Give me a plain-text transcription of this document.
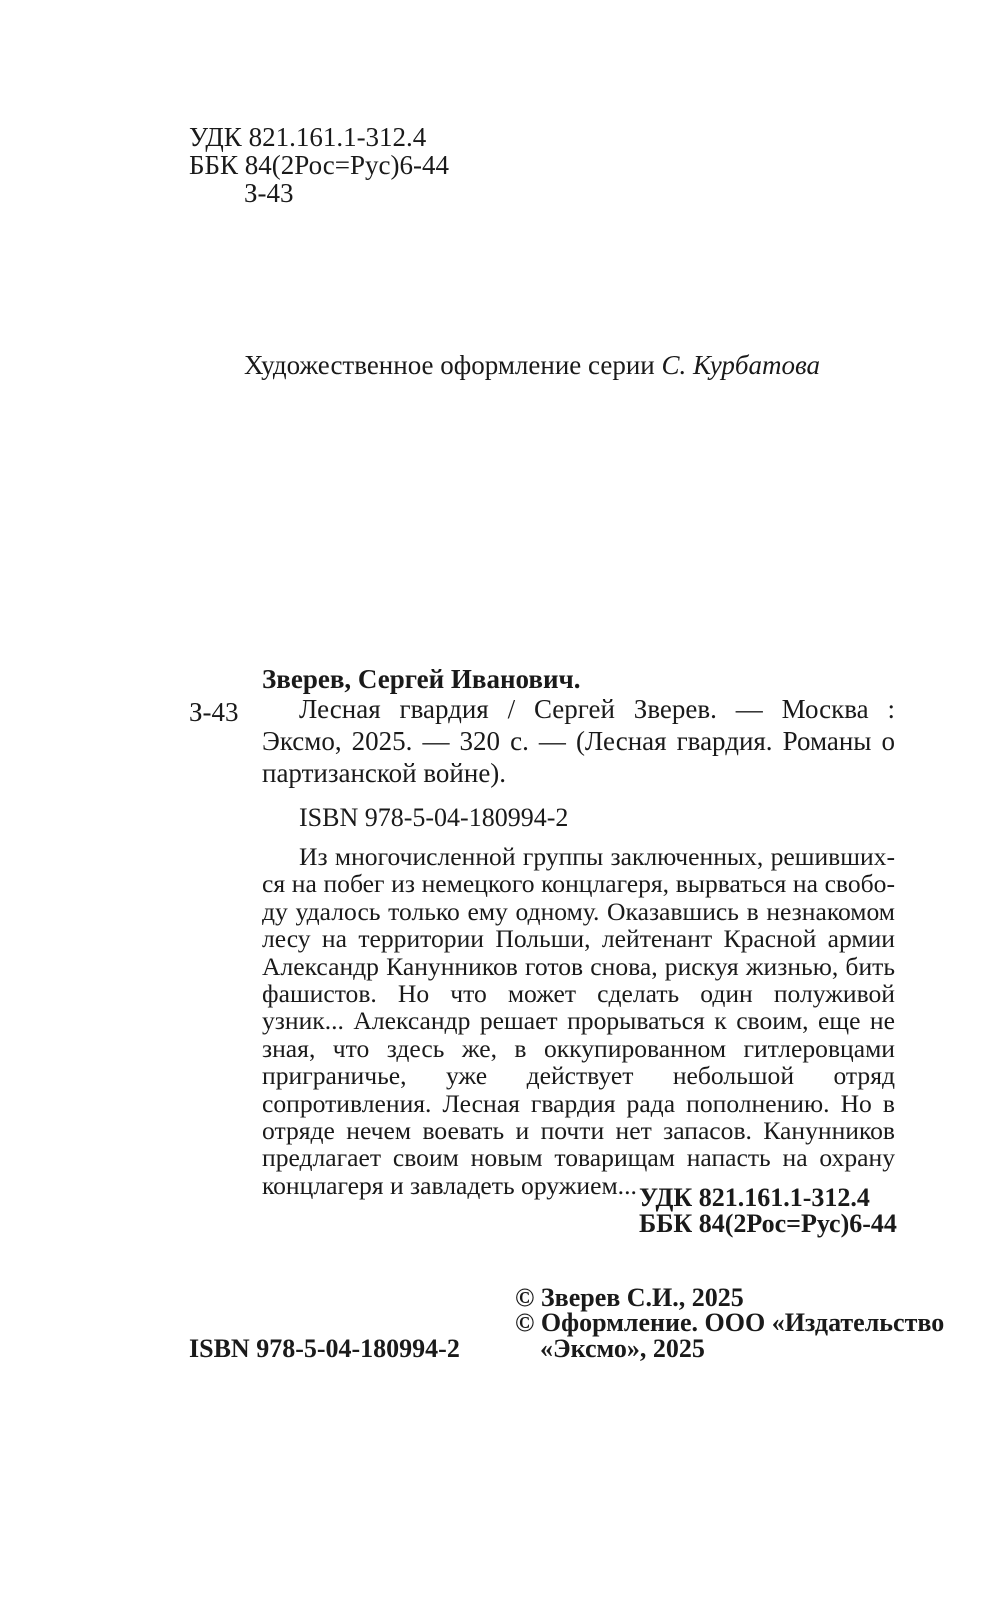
УДК 821.161.1-312.4
ББК 84(2Рос=Рус)6-44
З-43
Художественное оформление серии С. Курбатова
Зверев, Сергей Иванович.
З-43	Лесная гвардия / Сергей Зверев. — Москва : Эксмо, 2025. — 320 с. — (Лесная гвардия. Романы о партизанской войне).
ISBN 978-5-04-180994-2
Из многочисленной группы заключенных, решившихся на побег из немецкого концлагеря, вырваться на свободу удалось только ему одному. Оказавшись в незнакомом лесу на территории Польши, лейтенант Красной армии Александр Канунников готов снова, рискуя жизнью, бить фашистов. Но что может сделать один полуживой узник... Александр решает прорываться к своим, еще не зная, что здесь же, в оккупированном гитлеровцами приграничье, уже действует небольшой отряд сопротивления. Лесная гвардия рада пополнению. Но в отряде нечем воевать и почти нет запасов. Канунников предлагает своим новым товарищам напасть на охрану концлагеря и завладеть оружием... УДК 821.161.1-312.4
ББК 84(2Рос=Рус)6-44
© Зверев С.И., 2025
© Оформление. ООО «Издательство
ISBN 978-5-04-180994-2	«Эксмо», 2025
